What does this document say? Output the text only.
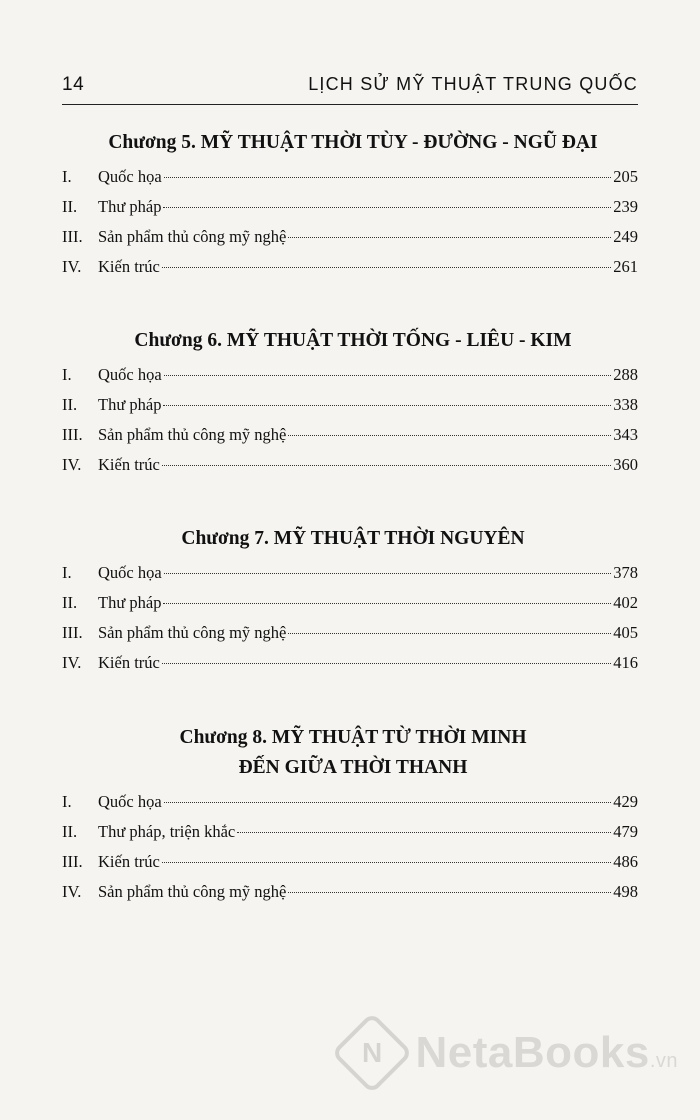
14	LỊCH SỬ MỸ THUẬT TRUNG QUỐC
Chương 5. MỸ THUẬT THỜI TÙY - ĐƯỜNG - NGŨ ĐẠI
I.	Quốc họa	205
II.	Thư pháp	239
III. Sản phẩm thủ công mỹ nghệ	249
IV.	Kiến trúc	261
Chương 6. MỸ THUẬT THỜI TỐNG - LIÊU - KIM
I.	Quốc họa	288
II.	Thư pháp	338
III. Sản phẩm thủ công mỹ nghệ	343
IV.	Kiến trúc	360
Chương 7. MỸ THUẬT THỜI NGUYÊN
I.	Quốc họa	378
II.	Thư pháp	402
III. Sản phẩm thủ công mỹ nghệ	405
IV.	Kiến trúc	416
Chương 8. MỸ THUẬT TỪ THỜI MINH
ĐẾN GIỮA THỜI THANH
I.	Quốc họa	429
II.	Thư pháp, triện khắc	479
III. Kiến trúc	486
IV.	Sản phẩm thủ công mỹ nghệ	498
N NetaBooks.vn
